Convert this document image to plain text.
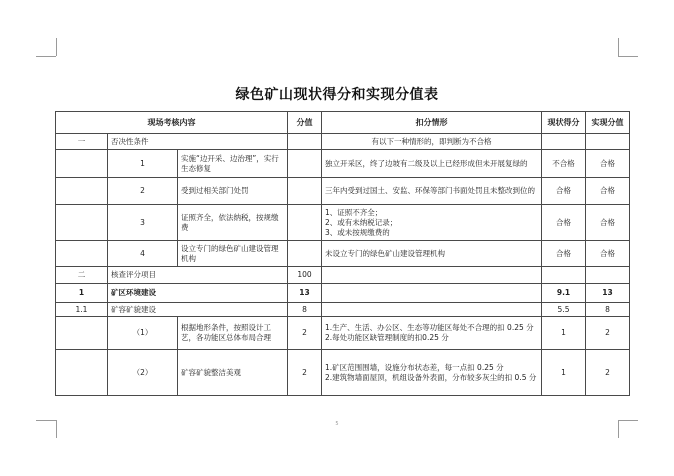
绿色矿山现状得分和实现分值表
现场考核内容			分值	扣分情形	现状得分	实现分值
一	否决性条件			有以下一种情形的，即判断为不合格		
	1	实施“边开采、边治理”，实行生态修复		独立开采区，终了边坡有二级及以上已经形成但未开展复绿的	不合格	合格
	2	受到过相关部门处罚		三年内受到过国土、安监、环保等部门书面处罚且未整改到位的	合格	合格
	3	证照齐全，依法纳税，按规缴费		1、证照不齐全；
2、或有未纳税记录；
3、或未按规缴费的	合格	合格
	4	设立专门的绿色矿山建设管理机构		未设立专门的绿色矿山建设管理机构	合格	合格
二	核查评分项目		100			
1	矿区环境建设		13		9.1	13
1.1	矿容矿貌建设		8		5.5	8
	（1）	根据地形条件，按照设计工艺，各功能区总体布局合理	2	1.生产、生活、办公区、生态等功能区每处不合理的扣 0.25 分
2.每处功能区缺管理制度的扣0.25 分	1	2
	（2）	矿容矿貌整洁美观	2	1.矿区范围围墙，设施分布状态差，每一点扣 0.25 分
2.建筑物墙面屋顶，机组设备外表面，分布较多灰尘的扣 0.5 分	1	2
5
